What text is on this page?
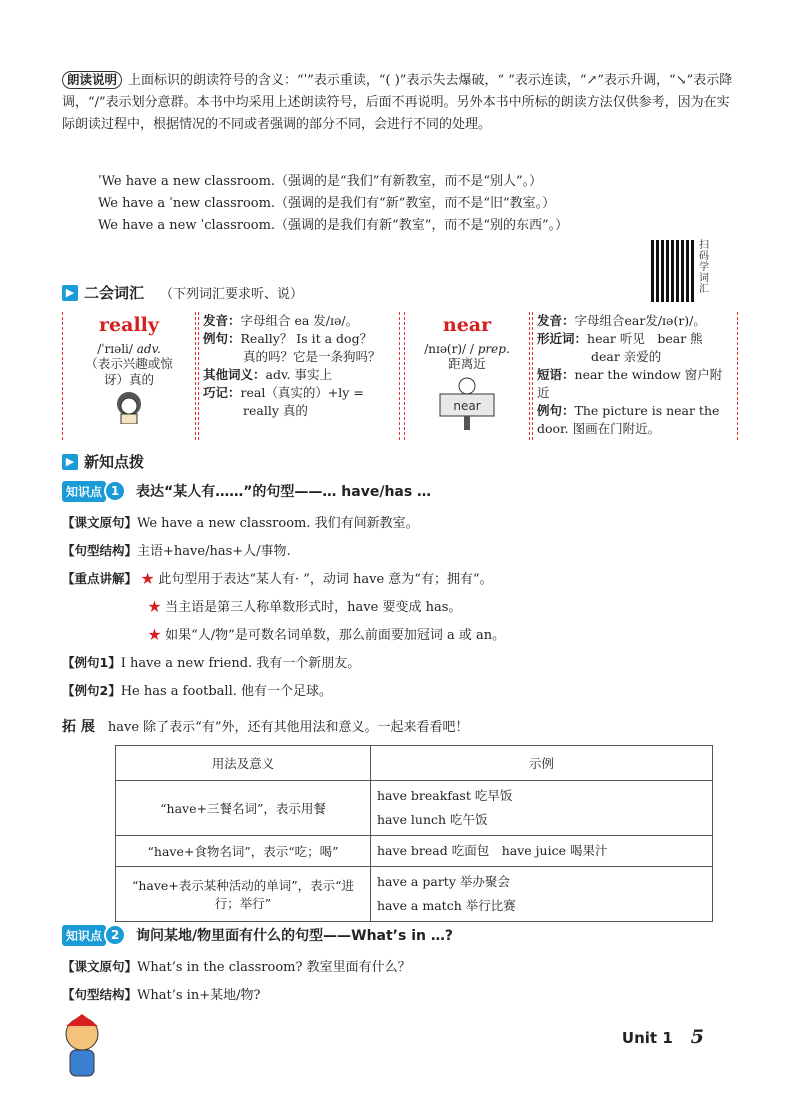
朗读说明 上面标识的朗读符号的含义：“ˈ”表示重读，“( )”表示失去爆破，“ ”表示连读，“↗”表示升调，“↘”表示降调，“/”表示划分意群。本书中均采用上述朗读符号，后面不再说明。另外本书中所标的朗读方法仅供参考，因为在实际朗读过程中，根据情况的不同或者强调的部分不同，会进行不同的处理。
ˈWe have a new classroom.（强调的是“我们”有新教室，而不是“别人”。）
We have a ˈnew classroom.（强调的是我们有“新”教室，而不是“旧”教室。）
We have a new ˈclassroom.（强调的是我们有新“教室”，而不是“别的东西”。）
扫码学词汇
▶ 二会词汇 （下列词汇要求听、说）
really
/ˈrɪəli/ adv.
（表示兴趣或惊讶）真的
发音：字母组合 ea 发/ɪə/。
例句：Really？ Is it a dog？
真的吗？它是一条狗吗？
其他词义：adv. 事实上
巧记：real（真实的）+ly =
really 真的
near
/nɪə(r)/ / prep.
距离近
near
发音：字母组合ear发/ɪə(r)/。
形近词：hear 听见　bear 熊
dear 亲爱的
短语：near the window 窗户附近
例句：The picture is near the door. 图画在门附近。
▶ 新知点拨
知识点 1	表达“某人有……”的句型——… have/has …
【课文原句】We have a new classroom. 我们有间新教室。
【句型结构】主语+have/has+人/事物.
【重点讲解】 ★ 此句型用于表达“某人有· ”，动词 have 意为“有；拥有”。
★ 当主语是第三人称单数形式时，have 要变成 has。
★ 如果“人/物”是可数名词单数，那么前面要加冠词 a 或 an。
【例句1】I have a new friend. 我有一个新朋友。
【例句2】He has a football. 他有一个足球。
拓 展　 have 除了表示“有”外，还有其他用法和意义。一起来看看吧！
用法及意义	示例
“have+三餐名词”，表示用餐	have breakfast 吃早饭
have lunch 吃午饭

“have+食物名词”，表示“吃；喝”	have bread 吃面包　have juice 喝果汁

“have+表示某种活动的单词”，表示“进行；举行”	have a party 举办聚会
have a match 举行比赛
知识点 2	询问某地/物里面有什么的句型——What’s in …?
【课文原句】What’s in the classroom? 教室里面有什么？
【句型结构】What’s in+某地/物?
Unit 1 5
